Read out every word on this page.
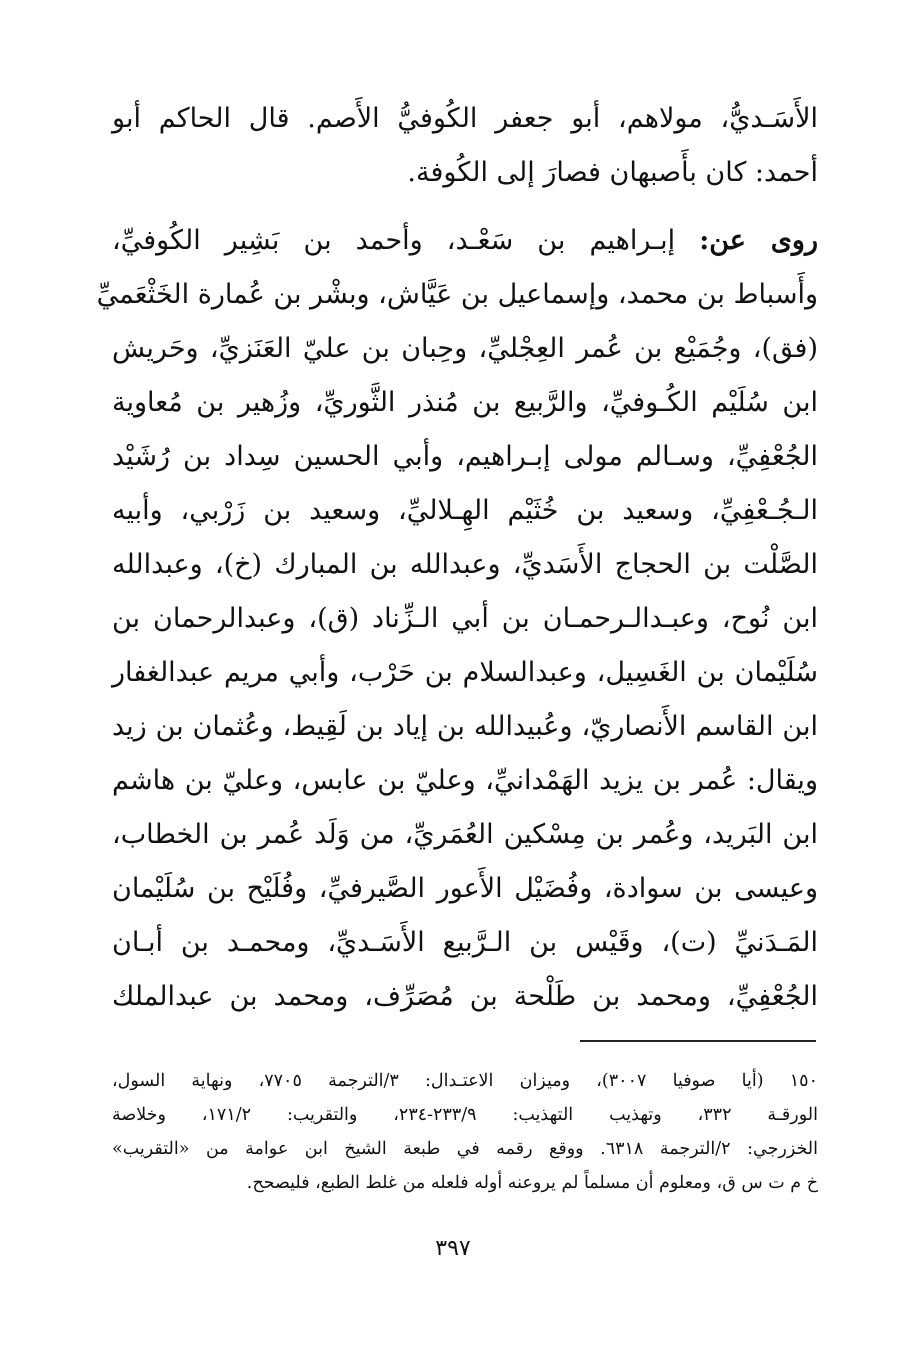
الأَسَـديُّ، مولاهم، أبو جعفر الكُوفيُّ الأَصم. قال الحاكم أبو
أحمد: كان بأَصبهان فصارَ إلى الكُوفة.
روى عن: إبـراهيم بن سَعْـد، وأحمد بن بَشِير الكُوفيِّ،
وأَسباط بن محمد، وإسماعيل بن عَيَّاش، وبشْر بن عُمارة الخَثْعَميِّ
(فق)، وجُمَيْع بن عُمر العِجْليِّ، وحِبان بن عليّ العَنَزيِّ، وحَريش
ابن سُلَيْم الكُـوفيِّ، والرَّبيع بن مُنذر الثَّوريِّ، وزُهير بن مُعاوية
الجُعْفِيِّ، وسـالم مولى إبـراهيم، وأبي الحسين سِداد بن رُشَيْد
الـجُـعْفِيِّ، وسعيد بن خُثَيْم الهِـلاليِّ، وسعيد بن زَرْبي، وأبيه
الصَّلْت بن الحجاج الأَسَديِّ، وعبدالله بن المبارك (خ)، وعبدالله
ابن نُوح، وعبـدالـرحمـان بن أبي الـزِّناد (ق)، وعبدالرحمان بن
سُلَيْمان بن الغَسِيل، وعبدالسلام بن حَرْب، وأبي مريم عبدالغفار
ابن القاسم الأَنصاريّ، وعُبيدالله بن إياد بن لَقِيط، وعُثمان بن زيد
ويقال: عُمر بن يزيد الهَمْدانيِّ، وعليّ بن عابس، وعليّ بن هاشم
ابن البَريد، وعُمر بن مِسْكين العُمَريِّ، من وَلَد عُمر بن الخطاب،
وعيسى بن سوادة، وفُضَيْل الأَعور الصَّيرفيِّ، وفُلَيْح بن سُلَيْمان
المَـدَنيِّ (ت)، وقَيْس بن الـرَّبيع الأَسَـديِّ، ومحمـد بن أبـان
الجُعْفِيِّ، ومحمد بن طَلْحة بن مُصَرِّف، ومحمد بن عبدالملك
١٥٠ (أيا صوفيا ٣٠٠٧)، وميزان الاعتـدال: ٣/الترجمة ٧٧٠٥، ونهاية السول،
الورقـة ٣٣٢، وتهذيب التهذيب: ٢٣٣/٩-٢٣٤، والتقريب: ١٧١/٢، وخلاصة
الخزرجي: ٢/الترجمة ٦٣١٨. ووقع رقمه في طبعة الشيخ ابن عوامة من «التقريب»
خ م ت س ق، ومعلوم أن مسلماً لم يروعنه أوله فلعله من غلط الطبع، فليصحح.
٣٩٧
